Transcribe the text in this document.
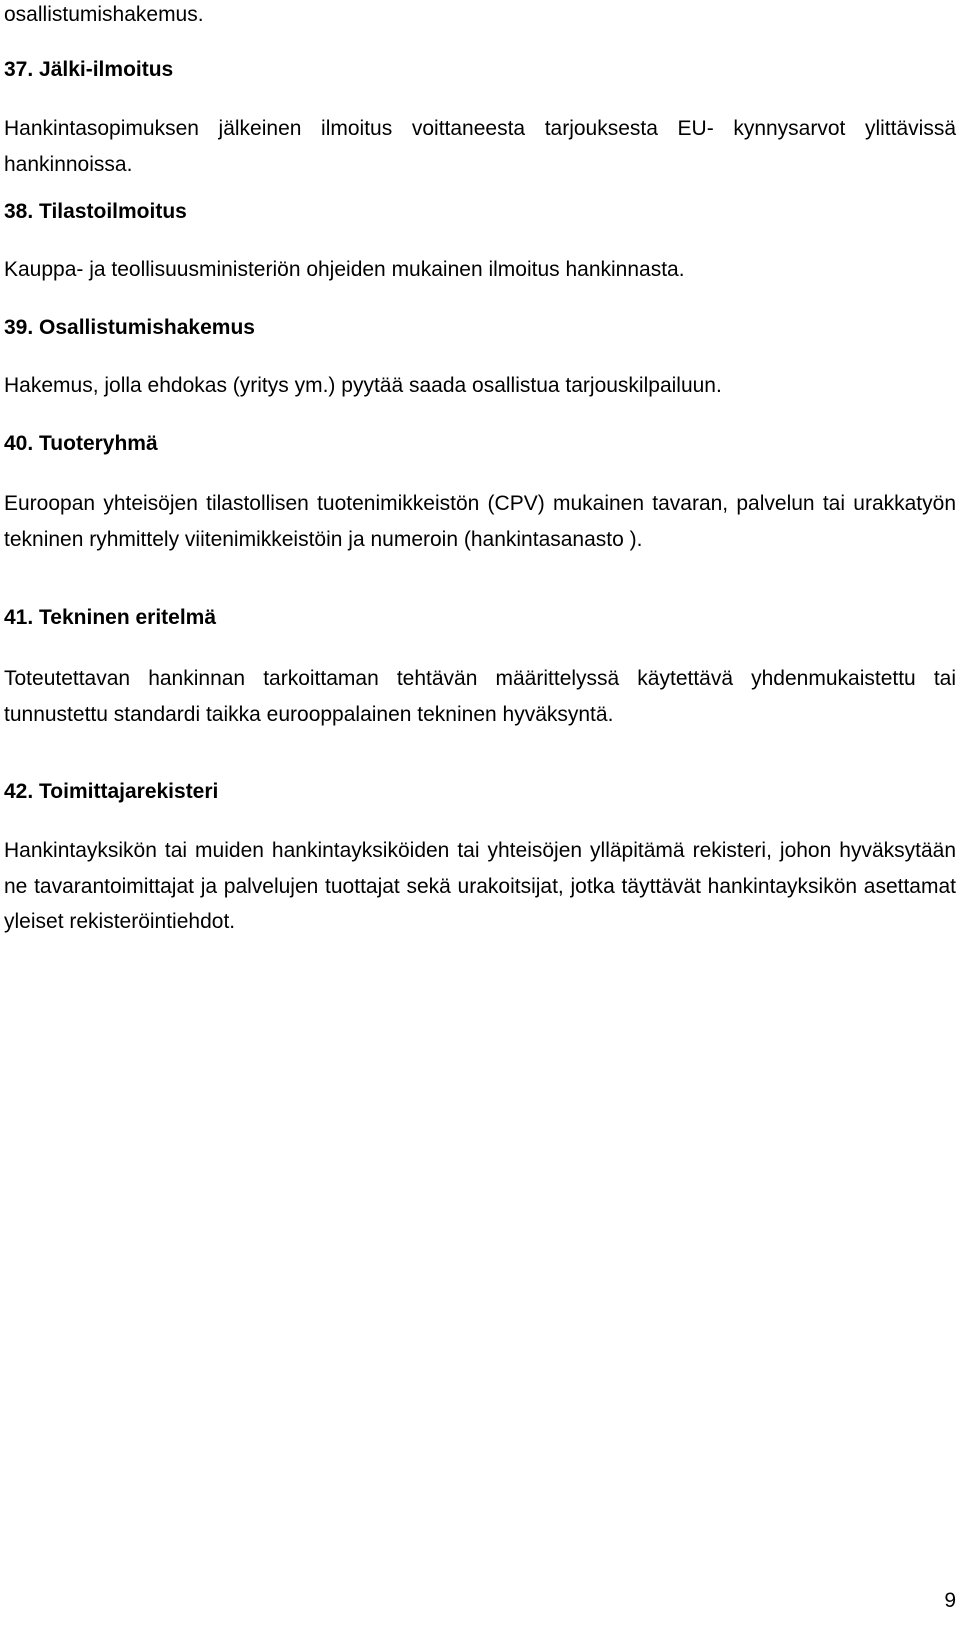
osallistumishakemus.

37. Jälki-ilmoitus

Hankintasopimuksen jälkeinen ilmoitus voittaneesta tarjouksesta EU- kynnysarvot ylittävissä hankinnoissa.

38. Tilastoilmoitus

Kauppa- ja teollisuusministeriön ohjeiden mukainen ilmoitus hankinnasta.

39. Osallistumishakemus

Hakemus, jolla ehdokas (yritys ym.) pyytää saada osallistua tarjouskilpailuun.

40. Tuoteryhmä

Euroopan yhteisöjen tilastollisen tuotenimikkeistön (CPV) mukainen tavaran, palvelun tai urakkatyön tekninen ryhmittely viitenimikkeistöin ja numeroin (hankintasanasto ).

41. Tekninen eritelmä

Toteutettavan hankinnan tarkoittaman tehtävän määrittelyssä käytettävä yhdenmukaistettu tai tunnustettu standardi taikka eurooppalainen tekninen hyväksyntä.

42. Toimittajarekisteri

Hankintayksikön tai muiden hankintayksiköiden tai yhteisöjen ylläpitämä rekisteri, johon hyväksytään ne tavarantoimittajat ja palvelujen tuottajat sekä urakoitsijat, jotka täyttävät hankintayksikön asettamat yleiset rekisteröintiehdot.

9
